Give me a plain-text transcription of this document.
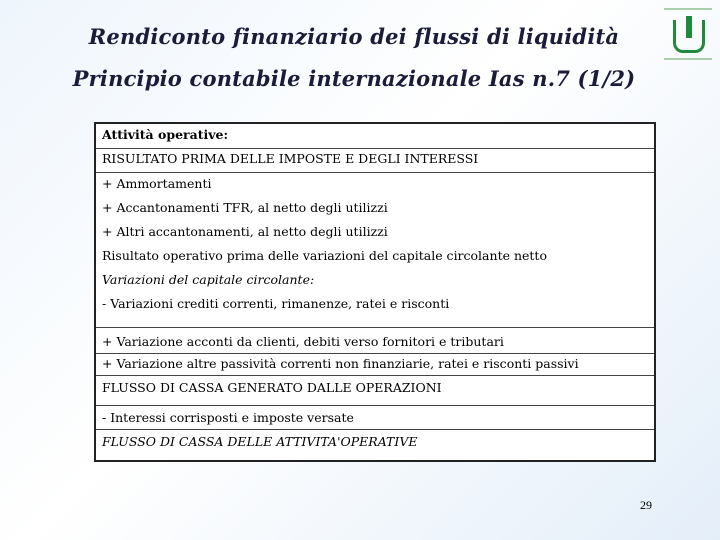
Rendiconto finanziario dei flussi di liquidità
Principio contabile internazionale Ias n.7 (1/2)
Attività operative:
RISULTATO PRIMA DELLE IMPOSTE E DEGLI INTERESSI
+ Ammortamenti
+ Accantonamenti TFR, al netto degli utilizzi
+ Altri accantonamenti, al netto degli utilizzi
Risultato operativo prima delle variazioni del capitale circolante netto
Variazioni del capitale circolante:
- Variazioni crediti correnti, rimanenze, ratei e risconti
+ Variazione acconti da clienti, debiti verso fornitori e tributari
+ Variazione altre passività correnti non finanziarie, ratei e risconti passivi
FLUSSO DI CASSA GENERATO DALLE OPERAZIONI
- Interessi corrisposti e imposte versate
FLUSSO DI CASSA DELLE ATTIVITA'OPERATIVE
29
